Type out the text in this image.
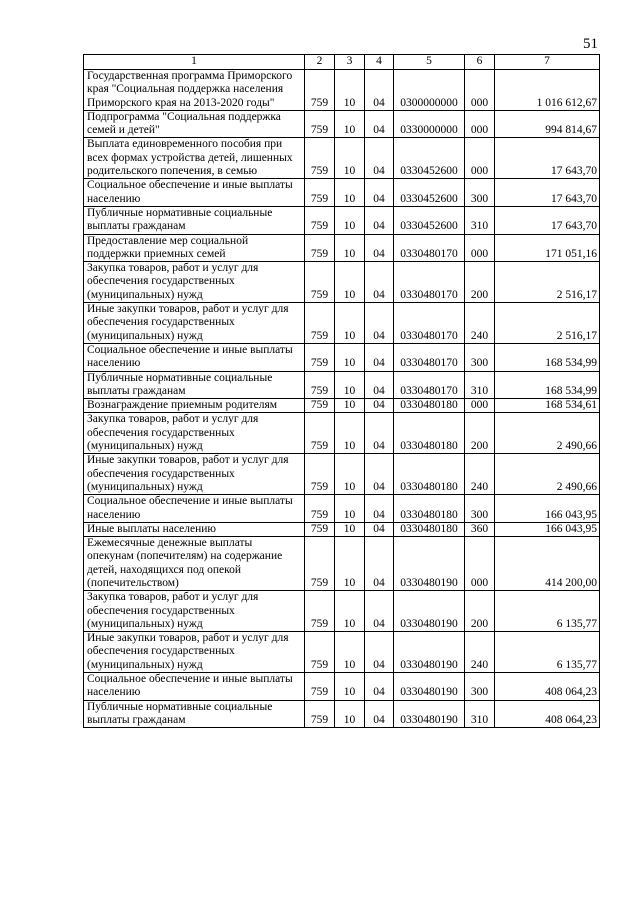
51
1	2	3	4	5	6	7
Государственная программа Приморского края "Социальная поддержка населения Приморского края на 2013-2020 годы"	759	10	04	0300000000	000	1 016 612,67
Подпрограмма "Социальная поддержка семей и детей"	759	10	04	0330000000	000	994 814,67
Выплата единовременного пособия при всех формах устройства детей, лишенных родительского попечения, в семью	759	10	04	0330452600	000	17 643,70
Социальное обеспечение и иные выплаты населению	759	10	04	0330452600	300	17 643,70
Публичные нормативные социальные выплаты гражданам	759	10	04	0330452600	310	17 643,70
Предоставление мер социальной поддержки приемных семей	759	10	04	0330480170	000	171 051,16
Закупка товаров, работ и услуг для обеспечения государственных (муниципальных) нужд	759	10	04	0330480170	200	2 516,17
Иные закупки товаров, работ и услуг для обеспечения государственных (муниципальных) нужд	759	10	04	0330480170	240	2 516,17
Социальное обеспечение и иные выплаты населению	759	10	04	0330480170	300	168 534,99
Публичные нормативные социальные выплаты гражданам	759	10	04	0330480170	310	168 534,99
Вознаграждение приемным родителям	759	10	04	0330480180	000	168 534,61
Закупка товаров, работ и услуг для обеспечения государственных (муниципальных) нужд	759	10	04	0330480180	200	2 490,66
Иные закупки товаров, работ и услуг для обеспечения государственных (муниципальных) нужд	759	10	04	0330480180	240	2 490,66
Социальное обеспечение и иные выплаты населению	759	10	04	0330480180	300	166 043,95
Иные выплаты населению	759	10	04	0330480180	360	166 043,95
Ежемесячные денежные выплаты опекунам (попечителям) на содержание детей, находящихся под опекой (попечительством)	759	10	04	0330480190	000	414 200,00
Закупка товаров, работ и услуг для обеспечения государственных (муниципальных) нужд	759	10	04	0330480190	200	6 135,77
Иные закупки товаров, работ и услуг для обеспечения государственных (муниципальных) нужд	759	10	04	0330480190	240	6 135,77
Социальное обеспечение и иные выплаты населению	759	10	04	0330480190	300	408 064,23
Публичные нормативные социальные выплаты гражданам	759	10	04	0330480190	310	408 064,23
